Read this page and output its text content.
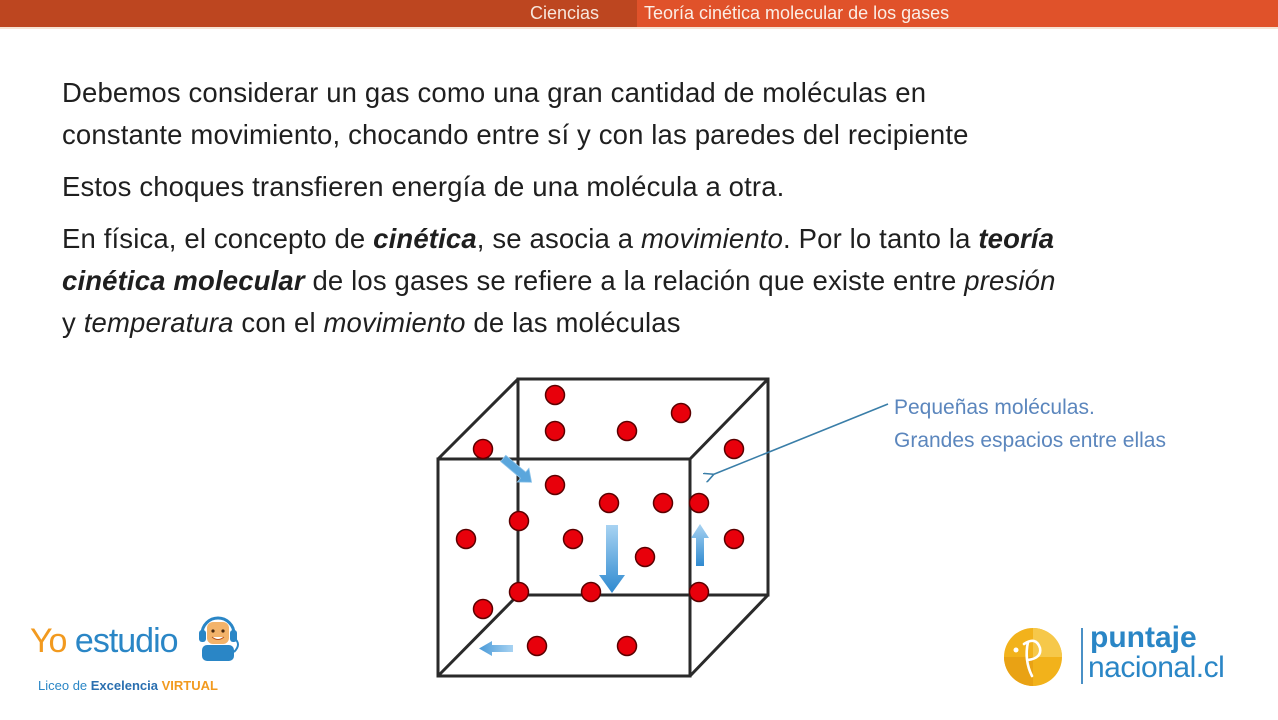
Ciencias	Teoría cinética molecular de los gases

Debemos considerar un gas como una gran cantidad de moléculas en
constante movimiento, chocando entre sí y con las paredes del recipiente

Estos choques transfieren energía de una molécula a otra.

En física, el concepto de cinética, se asocia a movimiento. Por lo tanto la teoría
cinética molecular de los gases se refiere a la relación que existe entre presión
y temperatura con el movimiento de las moléculas

Pequeñas moléculas.
Grandes espacios entre ellas
Yo estudio
Liceo de Excelencia VIRTUAL
puntaje
nacional.cl
